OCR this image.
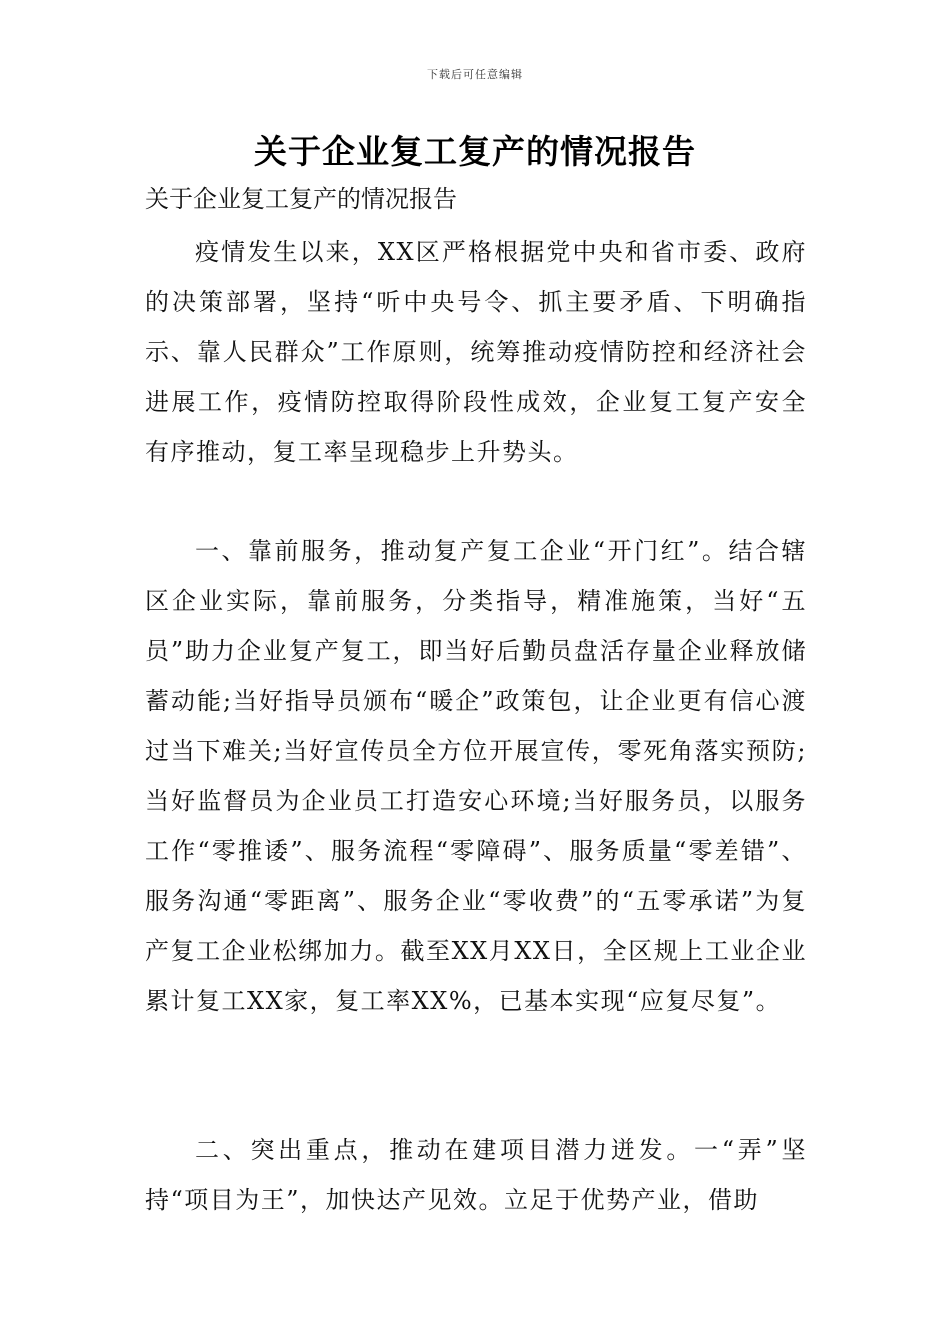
下载后可任意编辑
关于企业复工复产的情况报告
关于企业复工复产的情况报告

疫情发生以来，XX区严格根据党中央和省市委、政府的决策部署，坚持“听中央号令、抓主要矛盾、下明确指示、靠人民群众”工作原则，统筹推动疫情防控和经济社会进展工作，疫情防控取得阶段性成效，企业复工复产安全有序推动，复工率呈现稳步上升势头。

一、靠前服务，推动复产复工企业“开门红”。结合辖区企业实际，靠前服务，分类指导，精准施策，当好“五员”助力企业复产复工，即当好后勤员盘活存量企业释放储蓄动能;当好指导员颁布“暖企”政策包，让企业更有信心渡过当下难关;当好宣传员全方位开展宣传，零死角落实预防;当好监督员为企业员工打造安心环境;当好服务员，以服务工作“零推诿”、服务流程“零障碍”、服务质量“零差错”、服务沟通“零距离”、服务企业“零收费”的“五零承诺”为复产复工企业松绑加力。截至XX月XX日，全区规上工业企业累计复工XX家，复工率XX%，已基本实现“应复尽复”。

二、突出重点，推动在建项目潜力迸发。一“弄”坚持“项目为王”，加快达产见效。立足于优势产业，借助
